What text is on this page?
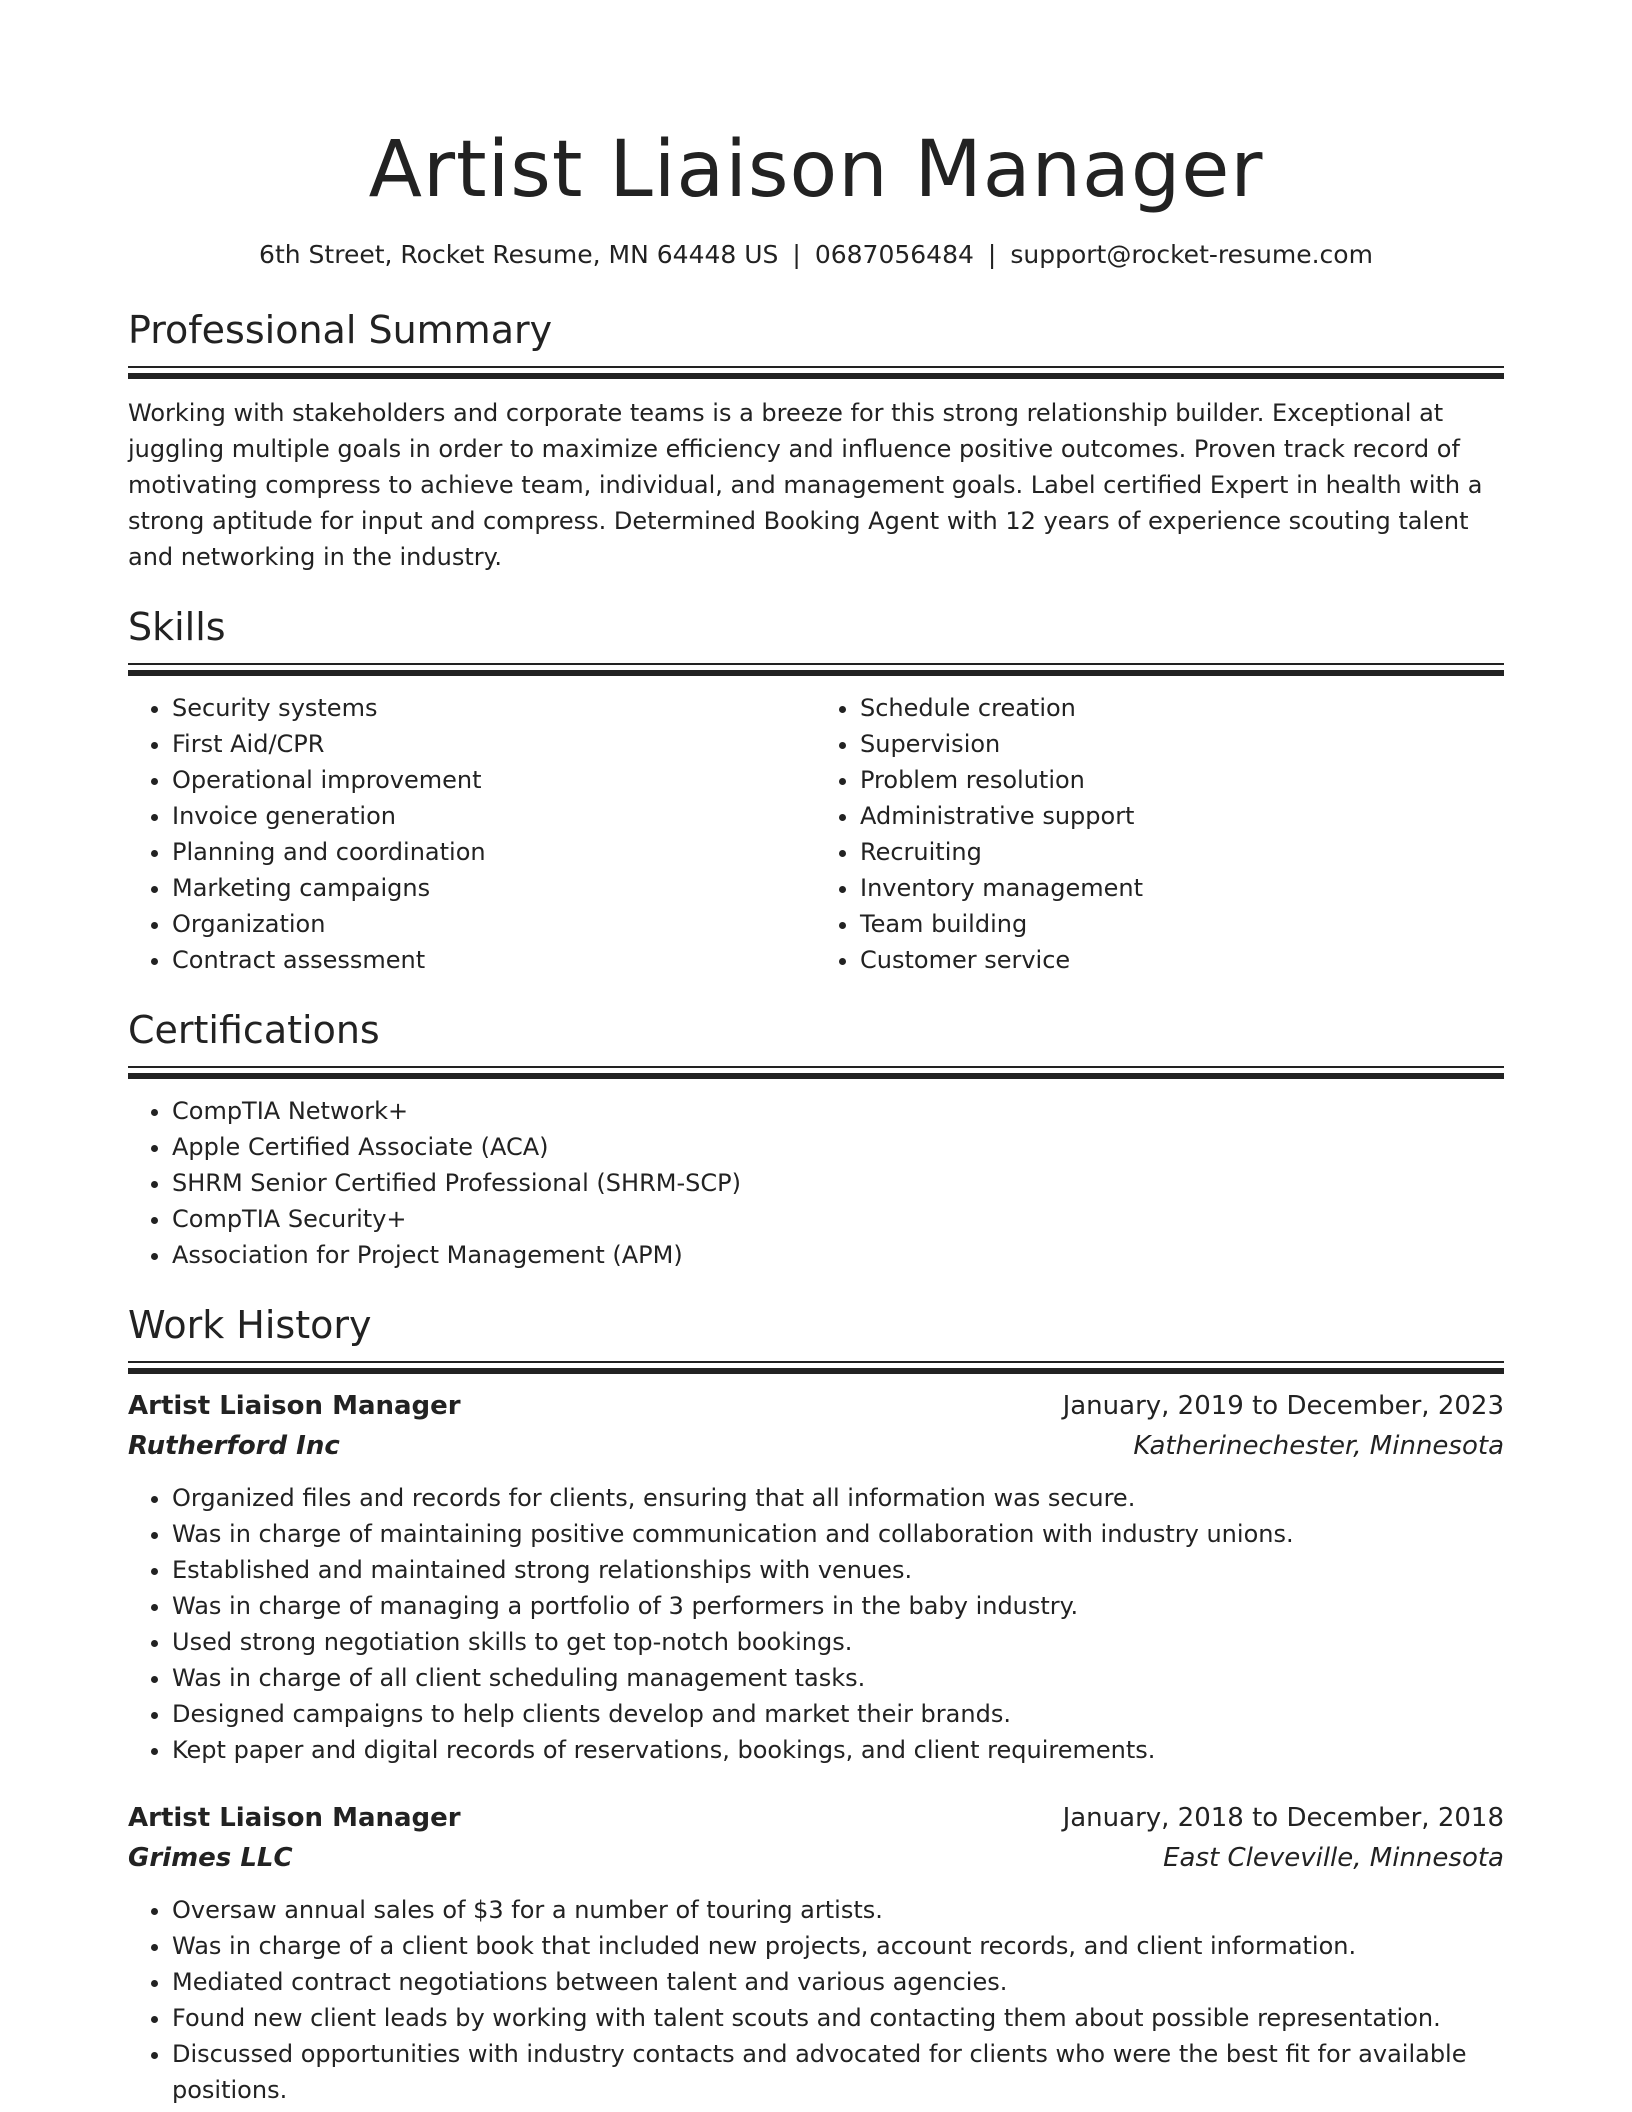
Artist Liaison Manager
6th Street, Rocket Resume, MN 64448 US | 0687056484 | support@rocket-resume.com
Professional Summary
Working with stakeholders and corporate teams is a breeze for this strong relationship builder. Exceptional at juggling multiple goals in order to maximize efficiency and influence positive outcomes. Proven track record of motivating compress to achieve team, individual, and management goals. Label certified Expert in health with a strong aptitude for input and compress. Determined Booking Agent with 12 years of experience scouting talent and networking in the industry.
Skills
• Security systems
• First Aid/CPR
• Operational improvement
• Invoice generation
• Planning and coordination
• Marketing campaigns
• Organization
• Contract assessment
• Schedule creation
• Supervision
• Problem resolution
• Administrative support
• Recruiting
• Inventory management
• Team building
• Customer service
Certifications
• CompTIA Network+
• Apple Certified Associate (ACA)
• SHRM Senior Certified Professional (SHRM-SCP)
• CompTIA Security+
• Association for Project Management (APM)
Work History
Artist Liaison Manager	January, 2019 to December, 2023
Rutherford Inc	Katherinechester, Minnesota
• Organized files and records for clients, ensuring that all information was secure.
• Was in charge of maintaining positive communication and collaboration with industry unions.
• Established and maintained strong relationships with venues.
• Was in charge of managing a portfolio of 3 performers in the baby industry.
• Used strong negotiation skills to get top-notch bookings.
• Was in charge of all client scheduling management tasks.
• Designed campaigns to help clients develop and market their brands.
• Kept paper and digital records of reservations, bookings, and client requirements.
Artist Liaison Manager	January, 2018 to December, 2018
Grimes LLC	East Cleveville, Minnesota
• Oversaw annual sales of $3 for a number of touring artists.
• Was in charge of a client book that included new projects, account records, and client information.
• Mediated contract negotiations between talent and various agencies.
• Found new client leads by working with talent scouts and contacting them about possible representation.
• Discussed opportunities with industry contacts and advocated for clients who were the best fit for available positions.
